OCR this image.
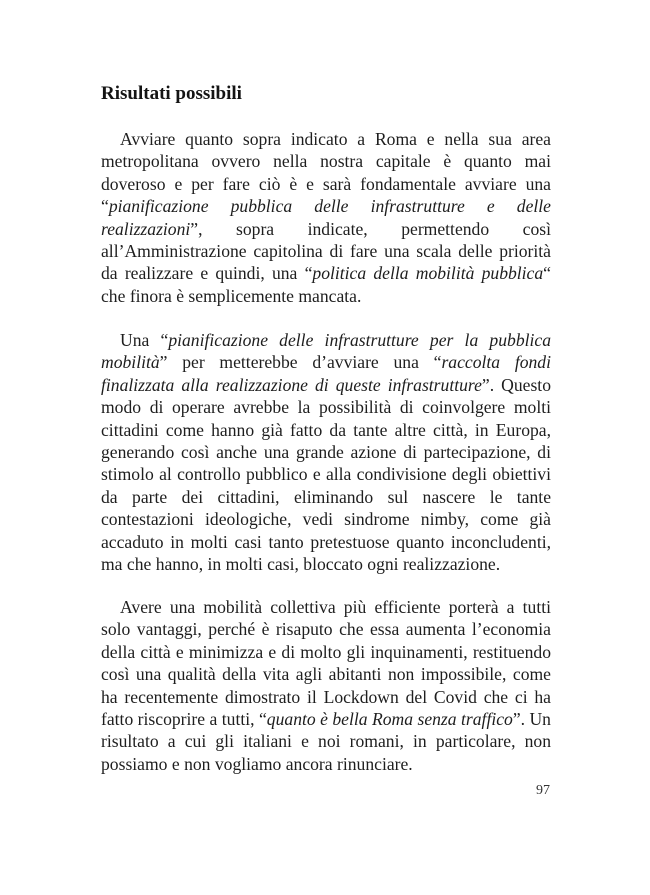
Risultati possibili

Avviare quanto sopra indicato a Roma e nella sua area metropolitana ovvero nella nostra capitale è quanto mai doveroso e per fare ciò è e sarà fondamentale avviare una “pianificazione pubblica delle infrastrutture e delle realizzazioni”, sopra indicate, permettendo così all’Amministrazione capitolina di fare una scala delle priorità da realizzare e quindi, una “politica della mobilità pubblica“ che finora è semplicemente mancata.

Una “pianificazione delle infrastrutture per la pubblica mobilità” per metterebbe d’avviare una “raccolta fondi finalizzata alla realizzazione di queste infrastrutture”. Questo modo di operare avrebbe la possibilità di coinvolgere molti cittadini come hanno già fatto da tante altre città, in Europa, generando così anche una grande azione di partecipazione, di stimolo al controllo pubblico e alla condivisione degli obiettivi da parte dei cittadini, eliminando sul nascere le tante contestazioni ideologiche, vedi sindrome nimby, come già accaduto in molti casi tanto pretestuose quanto inconcludenti, ma che hanno, in molti casi, bloccato ogni realizzazione.

Avere una mobilità collettiva più efficiente porterà a tutti solo vantaggi, perché è risaputo che essa aumenta l’economia della città e minimizza e di molto gli inquinamenti, restituendo così una qualità della vita agli abitanti non impossibile, come ha recentemente dimostrato il Lockdown del Covid che ci ha fatto riscoprire a tutti, “quanto è bella Roma senza traffico”. Un risultato a cui gli italiani e noi romani, in particolare, non possiamo e non vogliamo ancora rinunciare.

97
